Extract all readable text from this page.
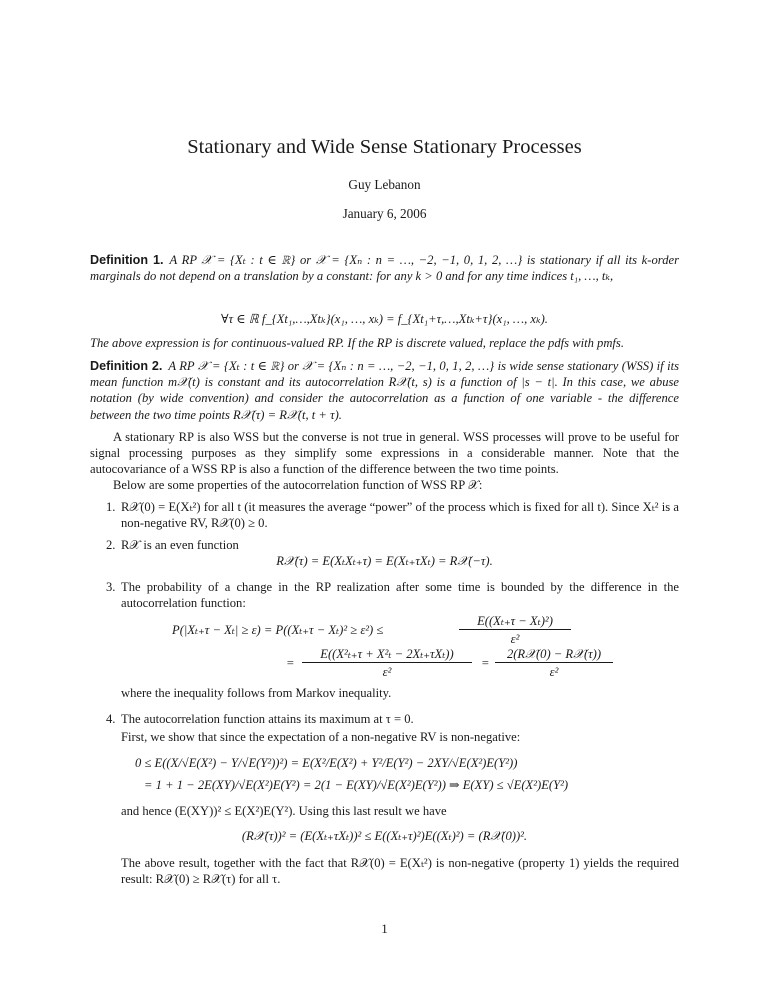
Stationary and Wide Sense Stationary Processes
Guy Lebanon
January 6, 2006
Definition 1. A RP 𝒳 = {Xₜ : t ∈ ℝ} or 𝒳 = {Xₙ : n = …, −2, −1, 0, 1, 2, …} is stationary if all its k-order marginals do not depend on a translation by a constant: for any k > 0 and for any time indices t₁, …, tₖ,
∀τ ∈ ℝ f_{Xt₁,…,Xtₖ}(x₁, …, xₖ) = f_{Xt₁+τ,…,Xtₖ+τ}(x₁, …, xₖ).
The above expression is for continuous-valued RP. If the RP is discrete valued, replace the pdfs with pmfs.
Definition 2. A RP 𝒳 = {Xₜ : t ∈ ℝ} or 𝒳 = {Xₙ : n = …, −2, −1, 0, 1, 2, …} is wide sense stationary (WSS) if its mean function m𝒳(t) is constant and its autocorrelation R𝒳(t, s) is a function of |s − t|. In this case, we abuse notation (by wide convention) and consider the autocorrelation as a function of one variable - the difference between the two time points R𝒳(τ) = R𝒳(t, t + τ).
A stationary RP is also WSS but the converse is not true in general. WSS processes will prove to be useful for signal processing purposes as they simplify some expressions in a considerable manner. Note that the autocovariance of a WSS RP is also a function of the difference between the two time points.
Below are some properties of the autocorrelation function of WSS RP 𝒳:
1. R𝒳(0) = E(Xₜ²) for all t (it measures the average “power” of the process which is fixed for all t). Since Xₜ² is a non-negative RV, R𝒳(0) ≥ 0.
2. R𝒳 is an even function
R𝒳(τ) = E(XₜXₜ₊τ) = E(Xₜ₊τXₜ) = R𝒳(−τ).
3. The probability of a change in the RP realization after some time is bounded by the difference in the autocorrelation function:
P(|Xₜ₊τ − Xₜ| ≥ ε) = P((Xₜ₊τ − Xₜ)² ≥ ε²) ≤
E((Xₜ₊τ − Xₜ)²)
ε²
=
E((X²ₜ₊τ + X²ₜ − 2Xₜ₊τXₜ))
ε²
=
2(R𝒳(0) − R𝒳(τ))
ε²
where the inequality follows from Markov inequality.
4. The autocorrelation function attains its maximum at τ = 0.
First, we show that since the expectation of a non-negative RV is non-negative:
0 ≤ E((X/√E(X²) − Y/√E(Y²))²) = E(X²/E(X²) + Y²/E(Y²) − 2XY/√E(X²)E(Y²))
= 1 + 1 − 2E(XY)/√E(X²)E(Y²) = 2(1 − E(XY)/√E(X²)E(Y²)) ⇒ E(XY) ≤ √E(X²)E(Y²)
and hence (E(XY))² ≤ E(X²)E(Y²). Using this last result we have
(R𝒳(τ))² = (E(Xₜ₊τXₜ))² ≤ E((Xₜ₊τ)²)E((Xₜ)²) = (R𝒳(0))².
The above result, together with the fact that R𝒳(0) = E(Xₜ²) is non-negative (property 1) yields the required result: R𝒳(0) ≥ R𝒳(τ) for all τ.
1
